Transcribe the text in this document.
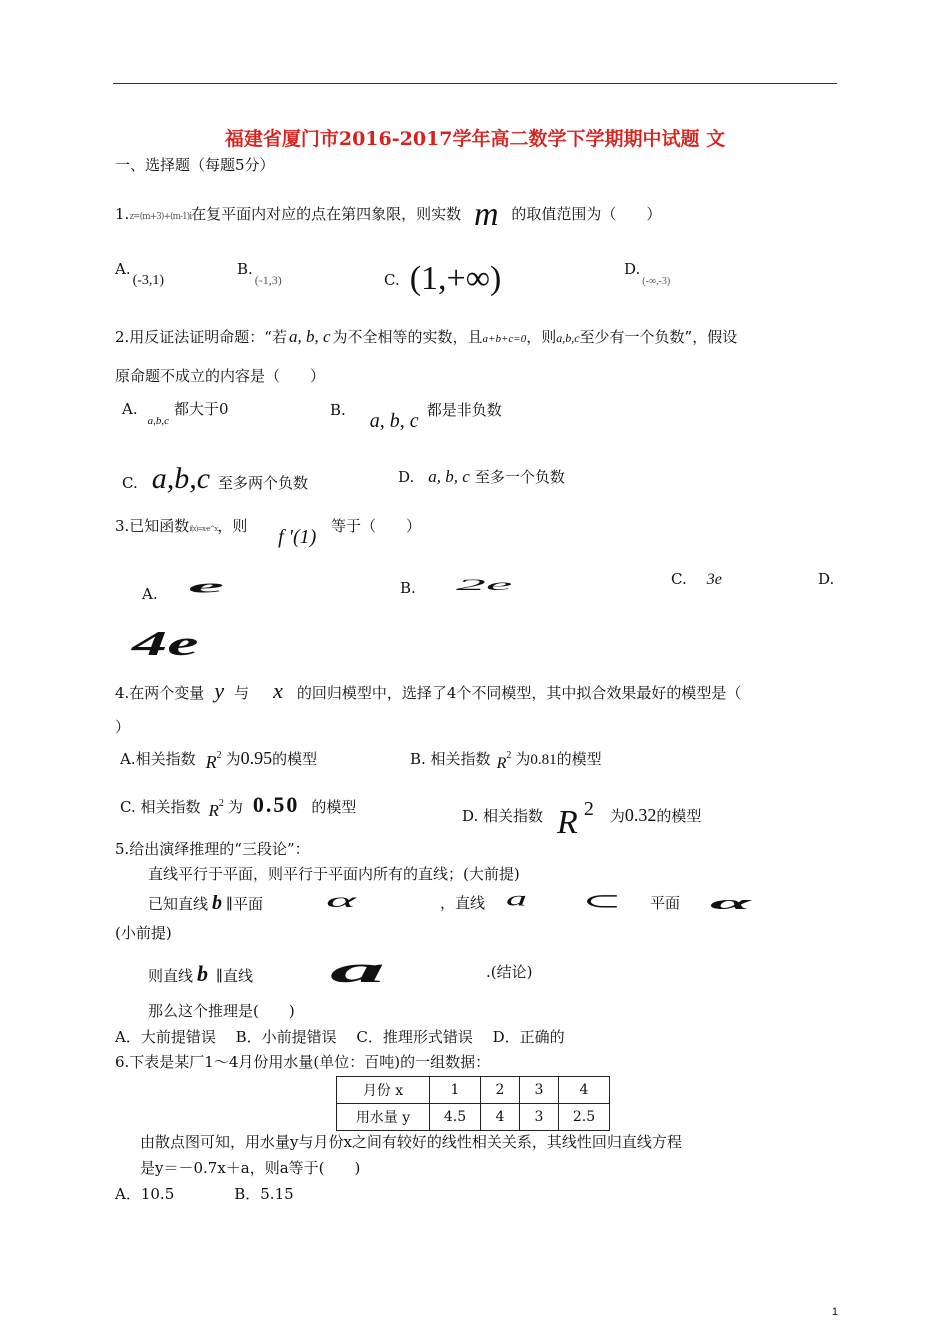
福建省厦门市2016-2017学年高二数学下学期期中试题 文
一、选择题（每题5分）
1.z=(m+3)+(m-1)i在复平面内对应的点在第四象限，则实数 m 的取值范围为（　　）
A.(-3,1)
$B._{(-1,3)}$	C. (1,+∞)	$D._{(-\infty,-3)}$
2.用反证法证明命题：“若 a, b, c 为不全相等的实数，且a+b+c=0，则a,b,c至少有一个负数”，假设
原命题不成立的内容是（　　）
$A._{a,b,c}$都大于0	B. a, b, c 都是非负数
C. a,b,c 至多两个负数	D. a, b, c 至多一个负数
3.已知函数f(x)=x·e^x，则 f '(1) 等于（　　）
A. e	B. 2e	C. 3e	D.
4e
4.在两个变量 y 与 x 的回归模型中，选择了4个不同模型，其中拟合效果最好的模型是（
）
A.相关指数 $R^2$ 为0.95的模型	B. 相关指数 $R^2$ 为0.81的模型
C. 相关指数 $R^2$ 为 0.50 的模型	D. 相关指数 R $^2$ 为0.32的模型
5.给出演绎推理的“三段论”：
直线平行于平面，则平行于平面内所有的直线；(大前提)
已知直线 b ∥平面 α	，直线 a ⊂ 平面 α
(小前提)
则直线 b ∥直线 a	.(结论)
那么这个推理是(　　)
A．大前提错误　 B．小前提错误　 C．推理形式错误　 D．正确的
6.下表是某厂1～4月份用水量(单位：百吨)的一组数据：
月份 x	1	2	3	4
用水量 y	4.5	4	3	2.5
由散点图可知，用水量y与月份x之间有较好的线性相关关系，其线性回归直线方程
是y＝－0.7x＋a，则a等于(　　)
A．10.5　　　　B．5.15
1
